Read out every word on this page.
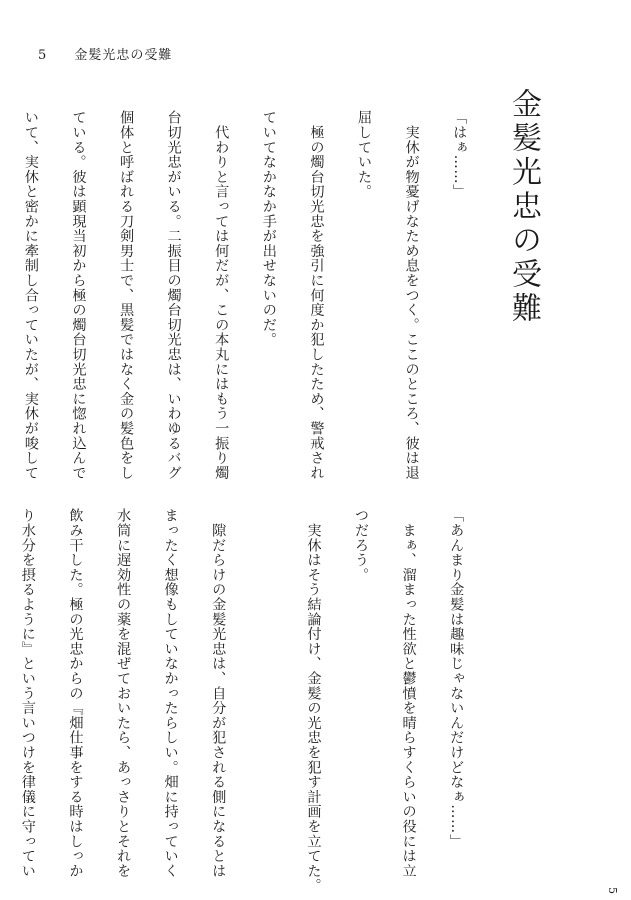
5 金髪光忠の受難
金髪光忠の受難

「はぁ……」

　実休が物憂げなため息をつく。ここのところ、彼は退

屈していた。

　極の燭台切光忠を強引に何度か犯したため、警戒され

ていてなかなか手が出せないのだ。

　代わりと言っては何だが、この本丸にはもう一振り燭

台切光忠がいる。二振目の燭台切光忠は、いわゆるバグ

個体と呼ばれる刀剣男士で、黒髪ではなく金の髪色をし

ている。彼は顕現当初から極の燭台切光忠に惚れ込んで

いて、実休と密かに牽制し合っていたが、実休が唆して

「あんまり金髪は趣味じゃないんだけどなぁ……」

　まぁ、溜まった性欲と鬱憤を晴らすくらいの役には立

つだろう。

　実休はそう結論付け、金髪の光忠を犯す計画を立てた。

　隙だらけの金髪光忠は、自分が犯される側になるとは

まったく想像もしていなかったらしい。畑に持っていく

水筒に遅効性の薬を混ぜておいたら、あっさりとそれを

飲み干した。極の光忠からの『畑仕事をする時はしっか

り水分を摂るように』という言いつけを律儀に守ってい

5
